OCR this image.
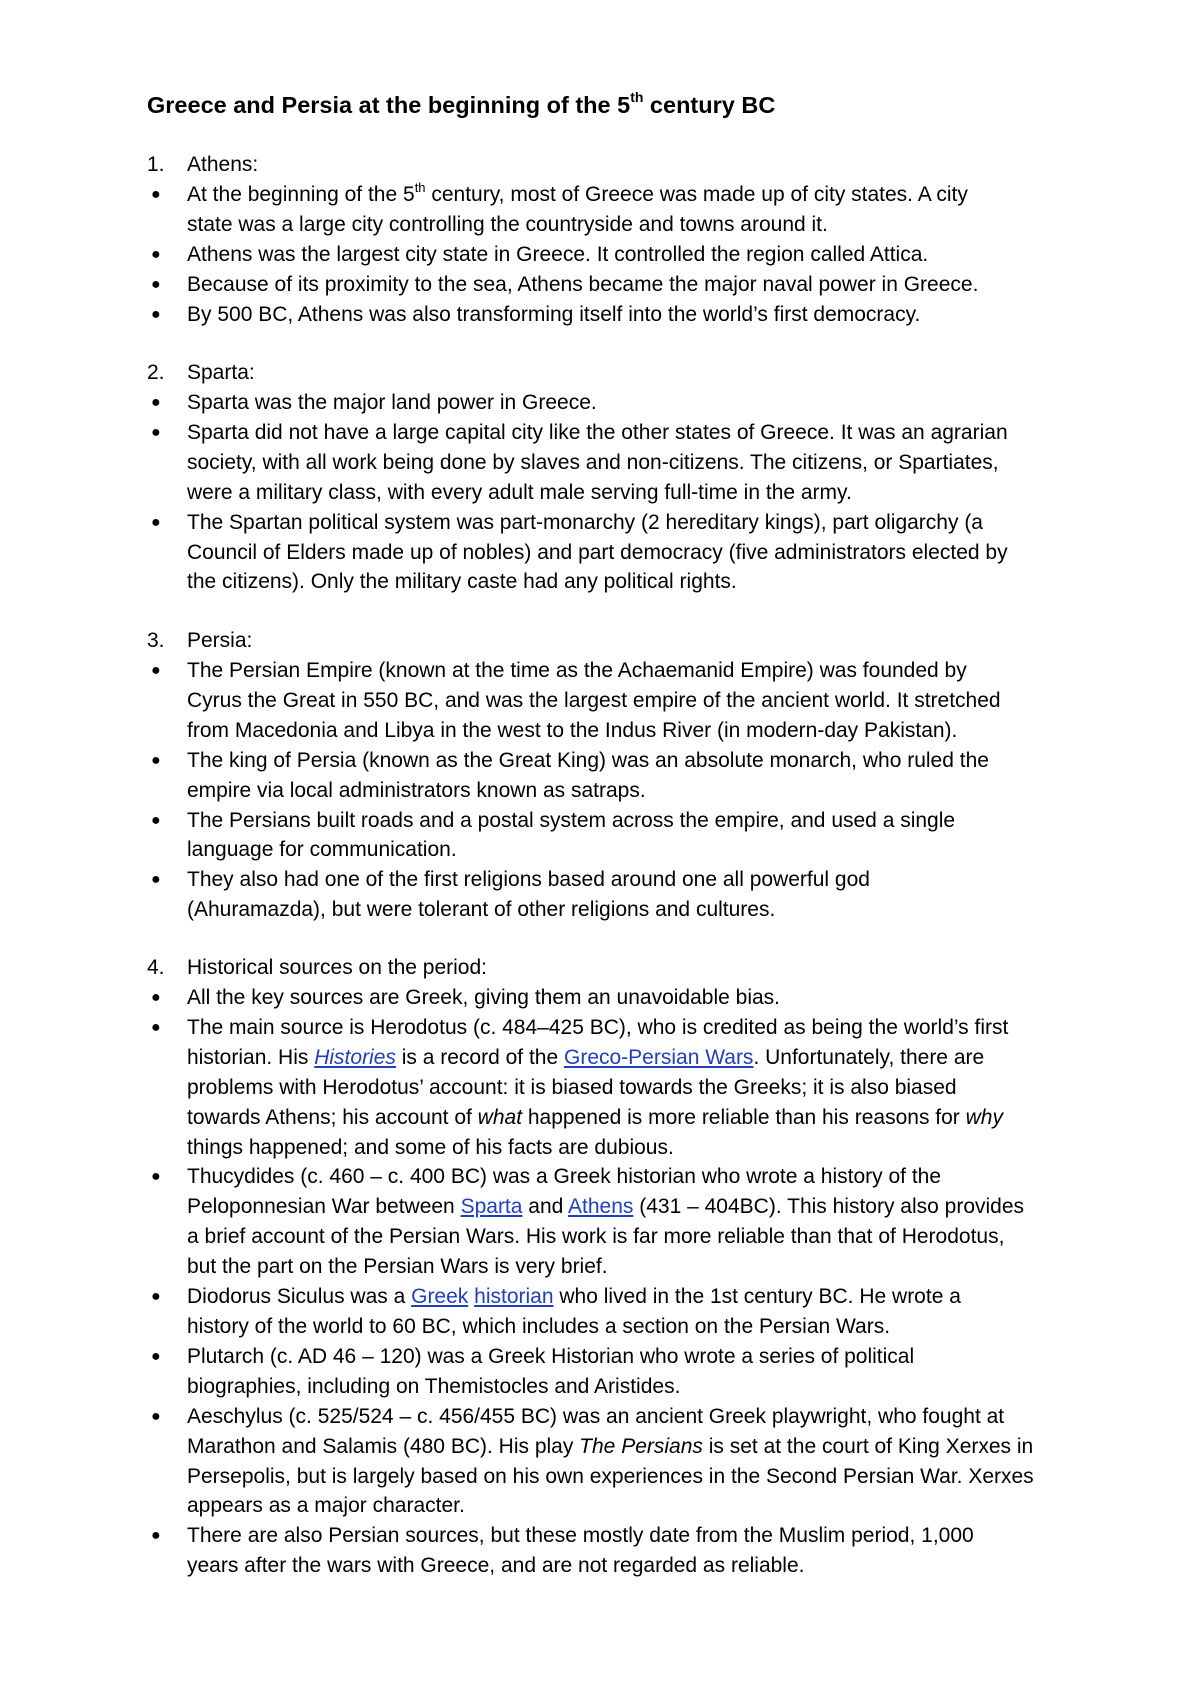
Greece and Persia at the beginning of the 5th century BC
1.	Athens:
● At the beginning of the 5th century, most of Greece was made up of city states. A city
state was a large city controlling the countryside and towns around it.
● Athens was the largest city state in Greece. It controlled the region called Attica.
● Because of its proximity to the sea, Athens became the major naval power in Greece.
● By 500 BC, Athens was also transforming itself into the world’s first democracy.
2.	Sparta:
● Sparta was the major land power in Greece.
● Sparta did not have a large capital city like the other states of Greece. It was an agrarian
society, with all work being done by slaves and non-citizens. The citizens, or Spartiates,
were a military class, with every adult male serving full-time in the army.
● The Spartan political system was part-monarchy (2 hereditary kings), part oligarchy (a
Council of Elders made up of nobles) and part democracy (five administrators elected by
the citizens). Only the military caste had any political rights.
3.	Persia:
● The Persian Empire (known at the time as the Achaemanid Empire) was founded by
Cyrus the Great in 550 BC, and was the largest empire of the ancient world. It stretched
from Macedonia and Libya in the west to the Indus River (in modern-day Pakistan).
● The king of Persia (known as the Great King) was an absolute monarch, who ruled the
empire via local administrators known as satraps.
● The Persians built roads and a postal system across the empire, and used a single
language for communication.
● They also had one of the first religions based around one all powerful god
(Ahuramazda), but were tolerant of other religions and cultures.
4.	Historical sources on the period:
● All the key sources are Greek, giving them an unavoidable bias.
● The main source is Herodotus (c. 484–425 BC), who is credited as being the world’s first
historian. His Histories is a record of the Greco-Persian Wars. Unfortunately, there are
problems with Herodotus’ account: it is biased towards the Greeks; it is also biased
towards Athens; his account of what happened is more reliable than his reasons for why
things happened; and some of his facts are dubious.
● Thucydides (c. 460 – c. 400 BC) was a Greek historian who wrote a history of the
Peloponnesian War between Sparta and Athens (431 – 404BC). This history also provides
a brief account of the Persian Wars. His work is far more reliable than that of Herodotus,
but the part on the Persian Wars is very brief.
● Diodorus Siculus was a Greek historian who lived in the 1st century BC. He wrote a
history of the world to 60 BC, which includes a section on the Persian Wars.
● Plutarch (c. AD 46 – 120) was a Greek Historian who wrote a series of political
biographies, including on Themistocles and Aristides.
● Aeschylus (c. 525/524 – c. 456/455 BC) was an ancient Greek playwright, who fought at
Marathon and Salamis (480 BC). His play The Persians is set at the court of King Xerxes in
Persepolis, but is largely based on his own experiences in the Second Persian War. Xerxes
appears as a major character.
● There are also Persian sources, but these mostly date from the Muslim period, 1,000
years after the wars with Greece, and are not regarded as reliable.
